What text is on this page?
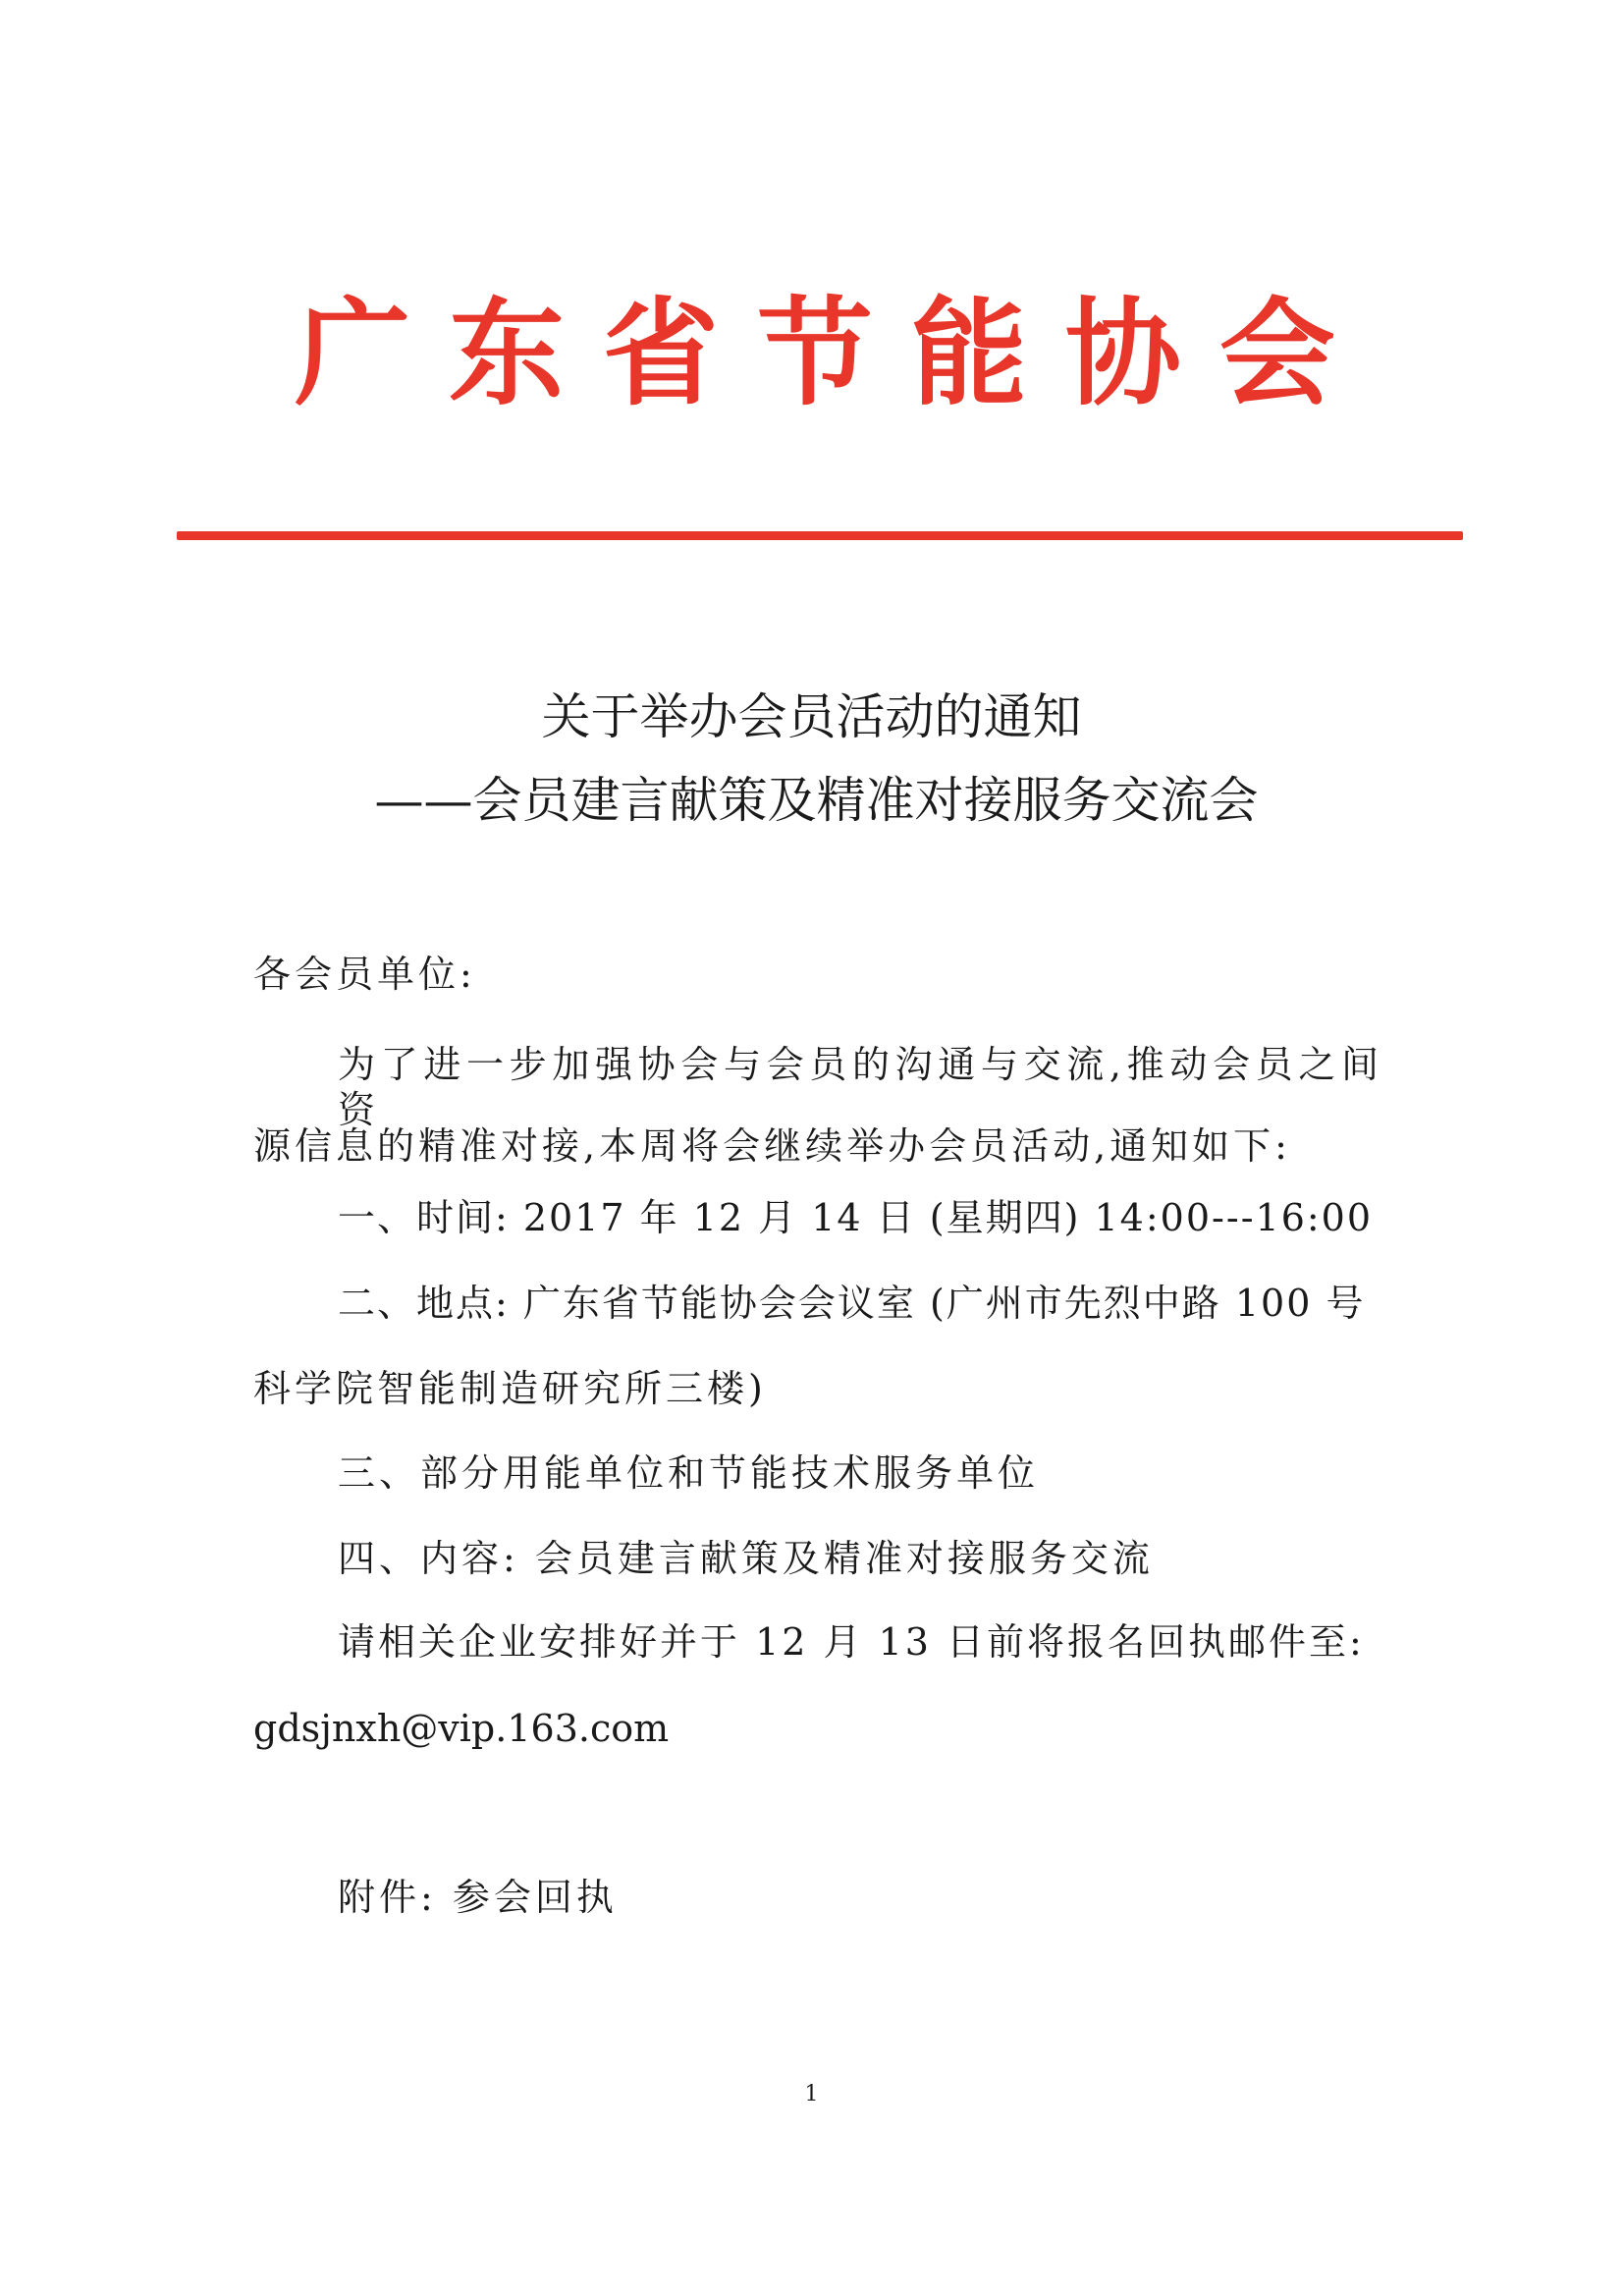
广 东 省 节 能 协 会
关于举办会员活动的通知
——会员建言献策及精准对接服务交流会
各会员单位:
为了进一步加强协会与会员的沟通与交流,推动会员之间资
源信息的精准对接,本周将会继续举办会员活动,通知如下:
一、时间: 2017 年 12 月 14 日 (星期四) 14:00---16:00
二、地点: 广东省节能协会会议室 (广州市先烈中路 100 号
科学院智能制造研究所三楼)
三、部分用能单位和节能技术服务单位
四、内容: 会员建言献策及精准对接服务交流
请相关企业安排好并于 12 月 13 日前将报名回执邮件至:
gdsjnxh@vip.163.com
附件: 参会回执
1
